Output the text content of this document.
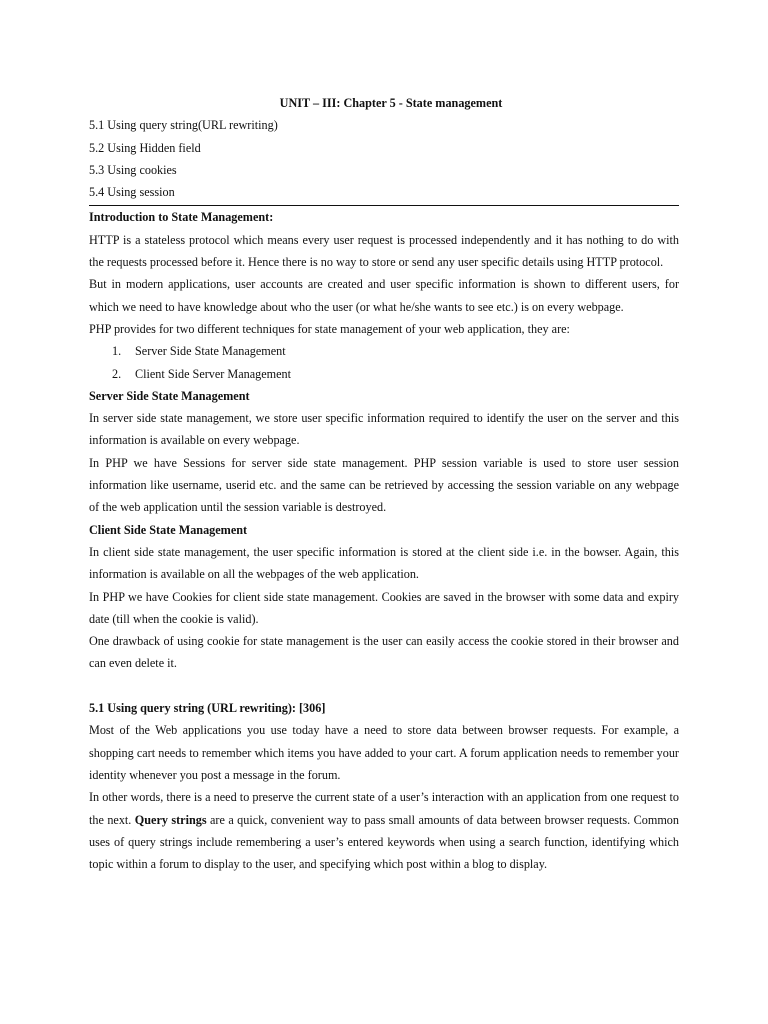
UNIT – III: Chapter 5 - State management

5.1 Using query string(URL rewriting)

5.2 Using Hidden field

5.3 Using cookies

5.4 Using session

Introduction to State Management:

HTTP is a stateless protocol which means every user request is processed independently and it has nothing to do with the requests processed before it. Hence there is no way to store or send any user specific details using HTTP protocol.

But in modern applications, user accounts are created and user specific information is shown to different users, for which we need to have knowledge about who the user (or what he/she wants to see etc.) is on every webpage.

PHP provides for two different techniques for state management of your web application, they are:

1. Server Side State Management
2. Client Side Server Management

Server Side State Management

In server side state management, we store user specific information required to identify the user on the server and this information is available on every webpage.

In PHP we have Sessions for server side state management. PHP session variable is used to store user session information like username, userid etc. and the same can be retrieved by accessing the session variable on any webpage of the web application until the session variable is destroyed.

Client Side State Management

In client side state management, the user specific information is stored at the client side i.e. in the bowser. Again, this information is available on all the webpages of the web application.

In PHP we have Cookies for client side state management. Cookies are saved in the browser with some data and expiry date (till when the cookie is valid).

One drawback of using cookie for state management is the user can easily access the cookie stored in their browser and can even delete it.

5.1 Using query string (URL rewriting): [306]

Most of the Web applications you use today have a need to store data between browser requests. For example, a shopping cart needs to remember which items you have added to your cart. A forum application needs to remember your identity whenever you post a message in the forum.

In other words, there is a need to preserve the current state of a user’s interaction with an application from one request to the next. Query strings are a quick, convenient way to pass small amounts of data between browser requests. Common uses of query strings include remembering a user’s entered keywords when using a search function, identifying which topic within a forum to display to the user, and specifying which post within a blog to display.
